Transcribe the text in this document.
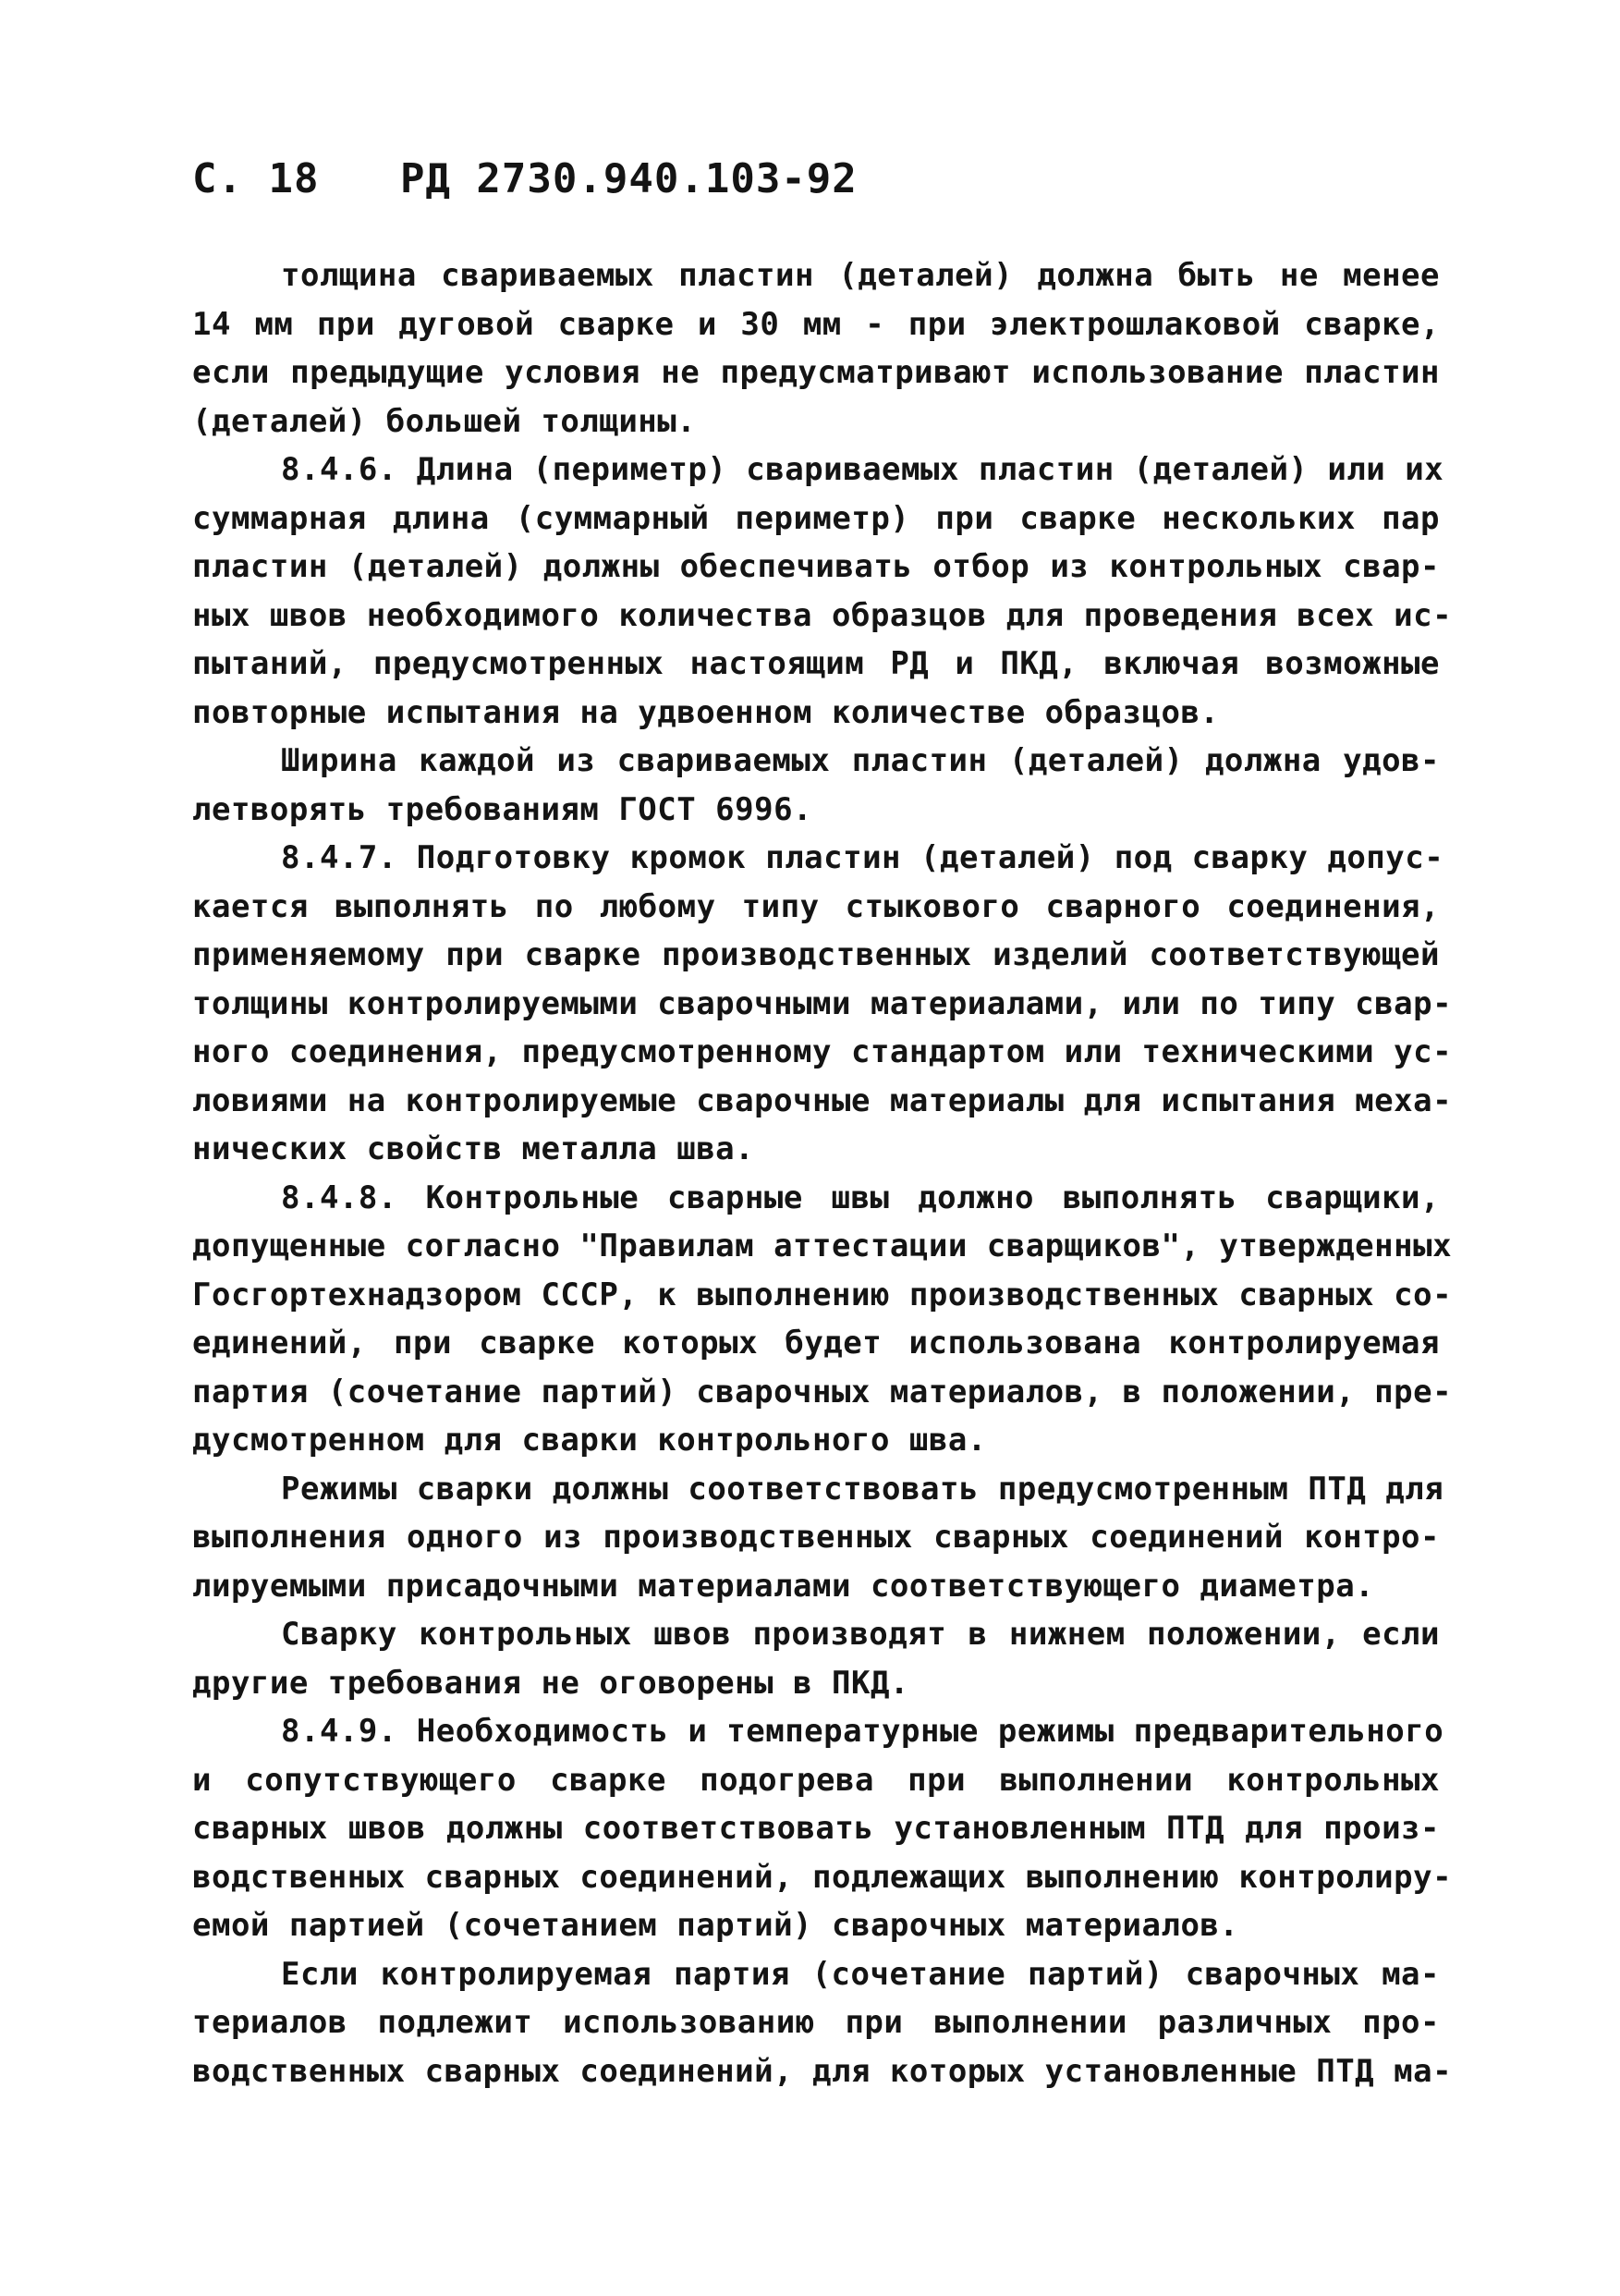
С. 18 РД 2730.940.103-92
толщина свариваемых пластин (деталей) должна быть не менее
14 мм при дуговой сварке и 30 мм - при электрошлаковой сварке,
если предыдущие условия не предусматривают использование пластин
(деталей) большей толщины.
8.4.6. Длина (периметр) свариваемых пластин (деталей) или их
суммарная длина (суммарный периметр) при сварке нескольких пар
пластин (деталей) должны обеспечивать отбор из контрольных свар-
ных швов необходимого количества образцов для проведения всех ис-
пытаний, предусмотренных настоящим РД и ПКД, включая возможные
повторные испытания на удвоенном количестве образцов.
Ширина каждой из свариваемых пластин (деталей) должна удов-
летворять требованиям ГОСТ 6996.
8.4.7. Подготовку кромок пластин (деталей) под сварку допус-
кается выполнять по любому типу стыкового сварного соединения,
применяемому при сварке производственных изделий соответствующей
толщины контролируемыми сварочными материалами, или по типу свар-
ного соединения, предусмотренному стандартом или техническими ус-
ловиями на контролируемые сварочные материалы для испытания меха-
нических свойств металла шва.
8.4.8. Контрольные сварные швы должно выполнять сварщики,
допущенные согласно "Правилам аттестации сварщиков", утвержденных
Госгортехнадзором СССР, к выполнению производственных сварных со-
единений, при сварке которых будет использована контролируемая
партия (сочетание партий) сварочных материалов, в положении, пре-
дусмотренном для сварки контрольного шва.
Режимы сварки должны соответствовать предусмотренным ПТД для
выполнения одного из производственных сварных соединений контро-
лируемыми присадочными материалами соответствующего диаметра.
Сварку контрольных швов производят в нижнем положении, если
другие требования не оговорены в ПКД.
8.4.9. Необходимость и температурные режимы предварительного
и сопутствующего сварке подогрева при выполнении контрольных
сварных швов должны соответствовать установленным ПТД для произ-
водственных сварных соединений, подлежащих выполнению контролиру-
емой партией (сочетанием партий) сварочных материалов.
Если контролируемая партия (сочетание партий) сварочных ма-
териалов подлежит использованию при выполнении различных про-
водственных сварных соединений, для которых установленные ПТД ма-
